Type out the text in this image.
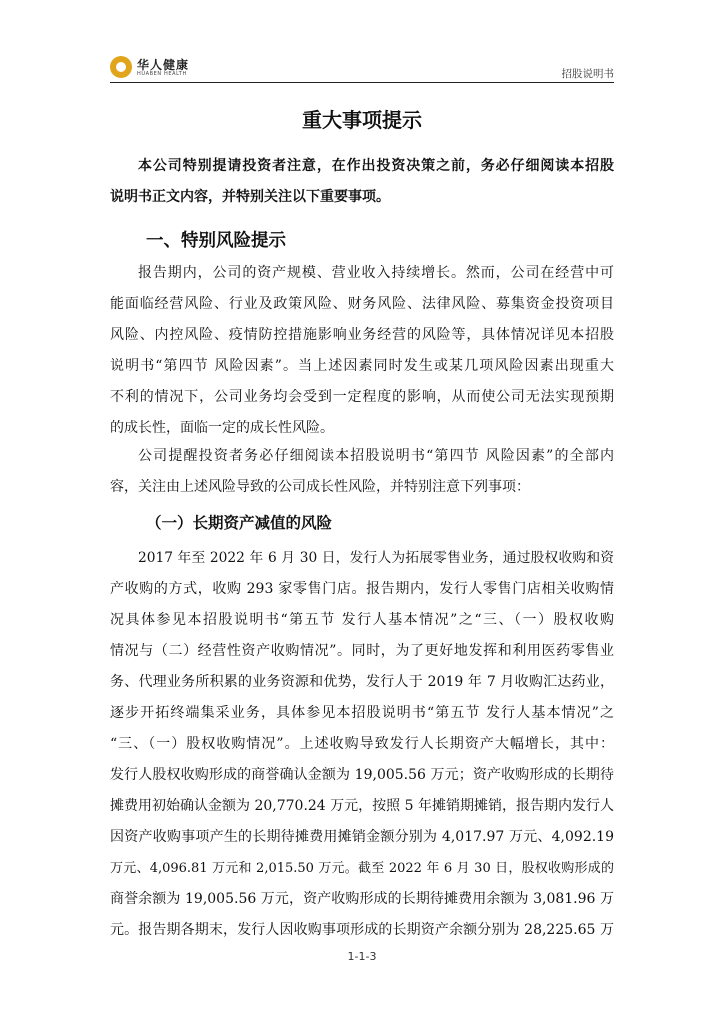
华人健康
HUABEN HEALTH	招股说明书
重大事项提示
本公司特别提请投资者注意，在作出投资决策之前，务必仔细阅读本招股
说明书正文内容，并特别关注以下重要事项。
一、特别风险提示
报告期内，公司的资产规模、营业收入持续增长。然而，公司在经营中可
能面临经营风险、行业及政策风险、财务风险、法律风险、募集资金投资项目
风险、内控风险、疫情防控措施影响业务经营的风险等，具体情况详见本招股
说明书“第四节 风险因素”。当上述因素同时发生或某几项风险因素出现重大
不利的情况下，公司业务均会受到一定程度的影响，从而使公司无法实现预期
的成长性，面临一定的成长性风险。
公司提醒投资者务必仔细阅读本招股说明书“第四节 风险因素”的全部内
容，关注由上述风险导致的公司成长性风险，并特别注意下列事项：
（一）长期资产减值的风险
2017 年至 2022 年 6 月 30 日，发行人为拓展零售业务，通过股权收购和资
产收购的方式，收购 293 家零售门店。报告期内，发行人零售门店相关收购情
况具体参见本招股说明书“第五节 发行人基本情况”之“三、（一）股权收购
情况与（二）经营性资产收购情况”。同时，为了更好地发挥和利用医药零售业
务、代理业务所积累的业务资源和优势，发行人于 2019 年 7 月收购汇达药业，
逐步开拓终端集采业务，具体参见本招股说明书“第五节 发行人基本情况”之
“三、（一）股权收购情况”。上述收购导致发行人长期资产大幅增长，其中：
发行人股权收购形成的商誉确认金额为 19,005.56 万元；资产收购形成的长期待
摊费用初始确认金额为 20,770.24 万元，按照 5 年摊销期摊销，报告期内发行人
因资产收购事项产生的长期待摊费用摊销金额分别为 4,017.97 万元、4,092.19
万元、4,096.81 万元和 2,015.50 万元。截至 2022 年 6 月 30 日，股权收购形成的
商誉余额为 19,005.56 万元，资产收购形成的长期待摊费用余额为 3,081.96 万
元。报告期各期末，发行人因收购事项形成的长期资产余额分别为 28,225.65 万
1-1-3
